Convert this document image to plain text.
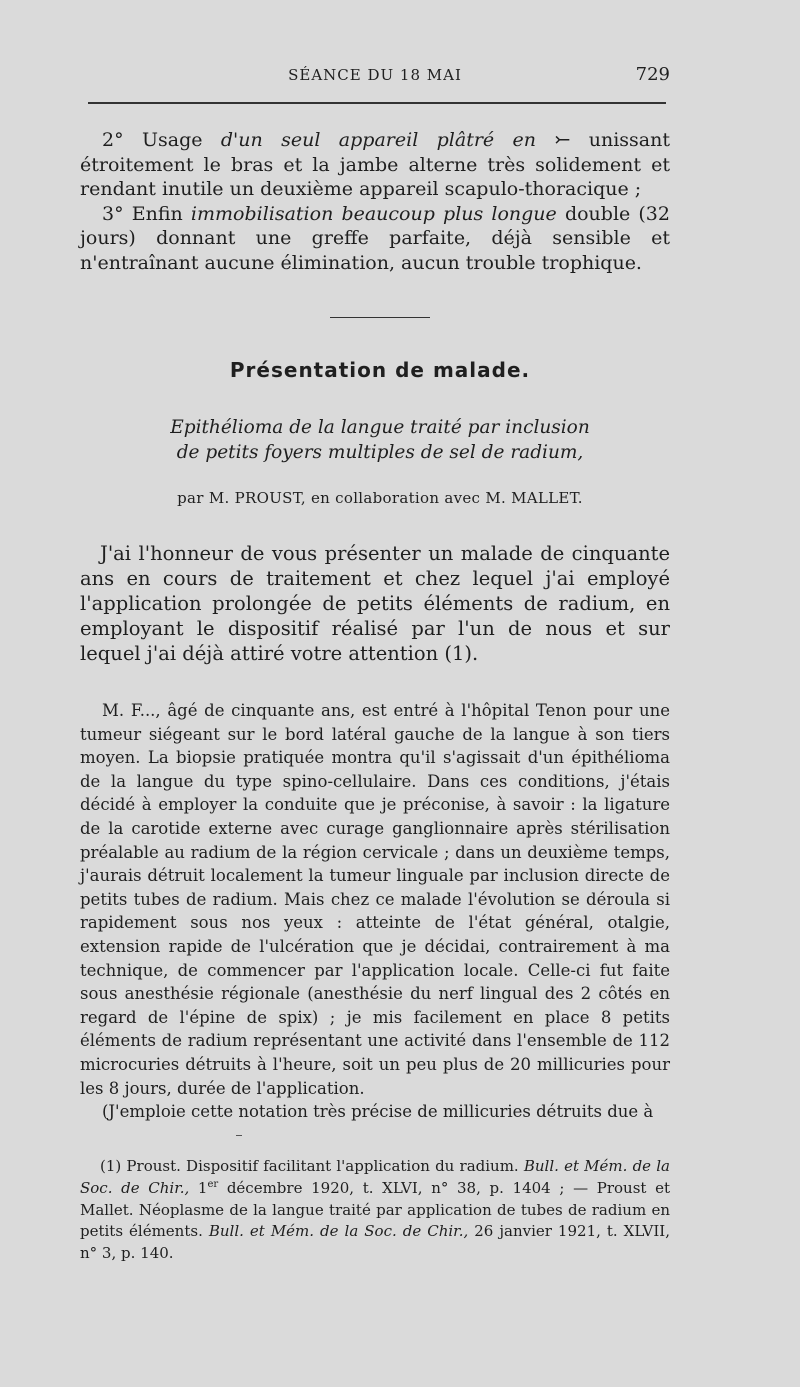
SÉANCE DU 18 MAI	729
2° Usage d'un seul appareil plâtré en ⤚ unissant étroitement le bras et la jambe alterne très solidement et rendant inutile un deuxième appareil scapulo-thoracique ;
3° Enfin immobilisation beaucoup plus longue double (32 jours) donnant une greffe parfaite, déjà sensible et n'entraînant aucune élimination, aucun trouble trophique.
Présentation de malade.
Epithélioma de la langue traité par inclusion
de petits foyers multiples de sel de radium,
par M. PROUST, en collaboration avec M. MALLET.

J'ai l'honneur de vous présenter un malade de cinquante ans en cours de traitement et chez lequel j'ai employé l'application prolongée de petits éléments de radium, en employant le dispositif réalisé par l'un de nous et sur lequel j'ai déjà attiré votre attention (1).

M. F..., âgé de cinquante ans, est entré à l'hôpital Tenon pour une tumeur siégeant sur le bord latéral gauche de la langue à son tiers moyen. La biopsie pratiquée montra qu'il s'agissait d'un épithélioma de la langue du type spino-cellulaire. Dans ces conditions, j'étais décidé à employer la conduite que je préconise, à savoir : la ligature de la carotide externe avec curage ganglionnaire après stérilisation préalable au radium de la région cervicale ; dans un deuxième temps, j'aurais détruit localement la tumeur linguale par inclusion directe de petits tubes de radium. Mais chez ce malade l'évolution se déroula si rapidement sous nos yeux : atteinte de l'état général, otalgie, extension rapide de l'ulcération que je décidai, contrairement à ma technique, de commencer par l'application locale. Celle-ci fut faite sous anesthésie régionale (anesthésie du nerf lingual des 2 côtés en regard de l'épine de spix) ; je mis facilement en place 8 petits éléments de radium représentant une activité dans l'ensemble de 112 microcuries détruits à l'heure, soit un peu plus de 20 millicuries pour les 8 jours, durée de l'application.

(J'emploie cette notation très précise de millicuries détruits due à

(1) Proust. Dispositif facilitant l'application du radium. Bull. et Mém. de la Soc. de Chir., 1er décembre 1920, t. XLVI, n° 38, p. 1404 ; — Proust et Mallet. Néoplasme de la langue traité par application de tubes de radium en petits éléments. Bull. et Mém. de la Soc. de Chir., 26 janvier 1921, t. XLVII, n° 3, p. 140.
